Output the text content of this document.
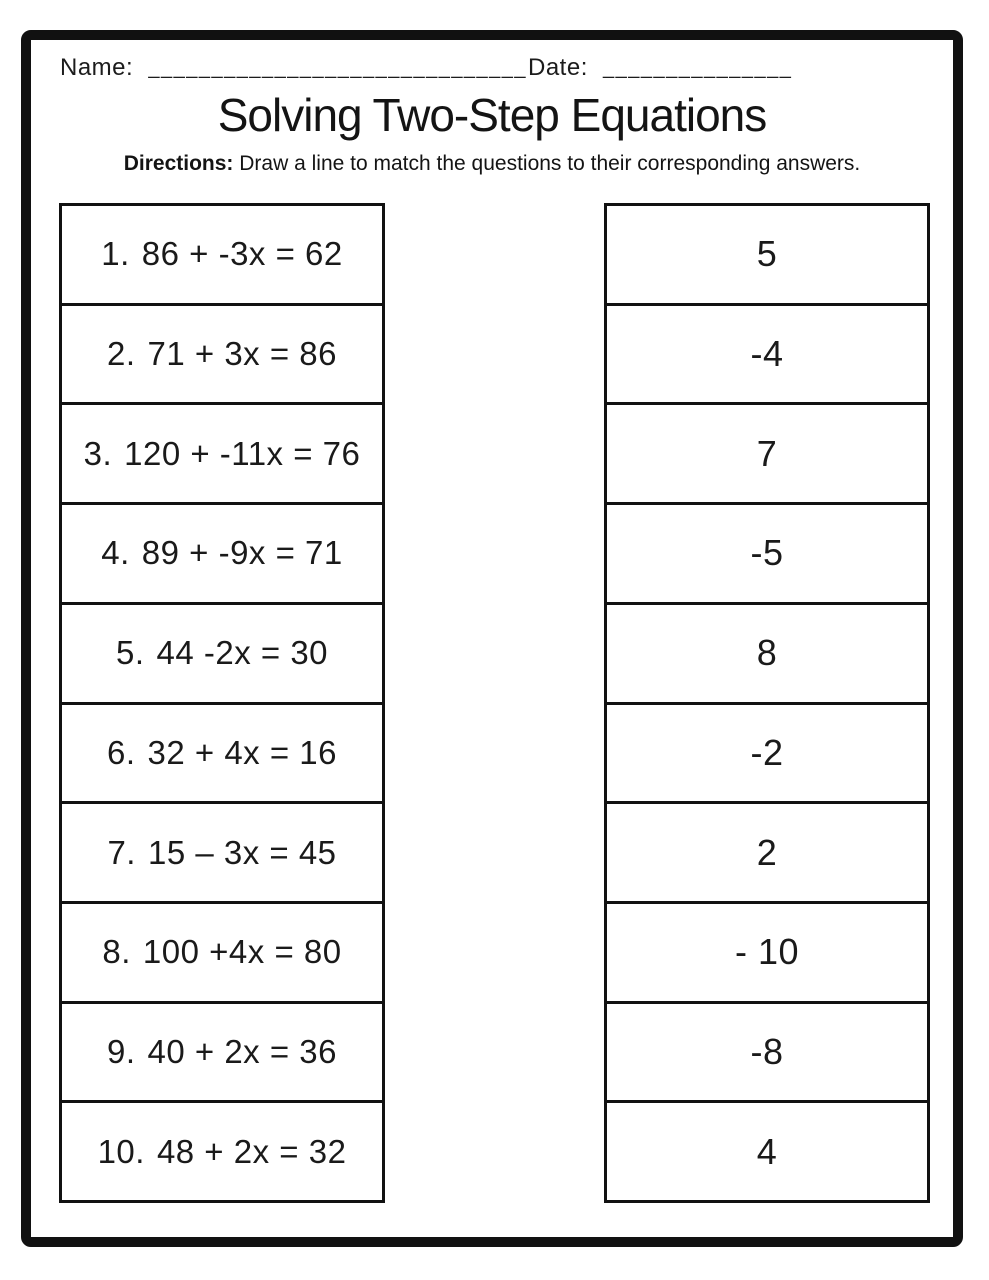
Name: ______________________________ Date: _______________
Solving Two-Step Equations
Directions: Draw a line to match the questions to their corresponding answers.
1. 86 + -3x = 62
2. 71 + 3x = 86
3. 120 + -11x = 76
4. 89 + -9x = 71
5. 44 -2x = 30
6. 32 + 4x = 16
7. 15 – 3x = 45
8. 100 +4x = 80
9. 40 + 2x = 36
10. 48 + 2x = 32
5
-4
7
-5
8
-2
2
- 10
-8
4
